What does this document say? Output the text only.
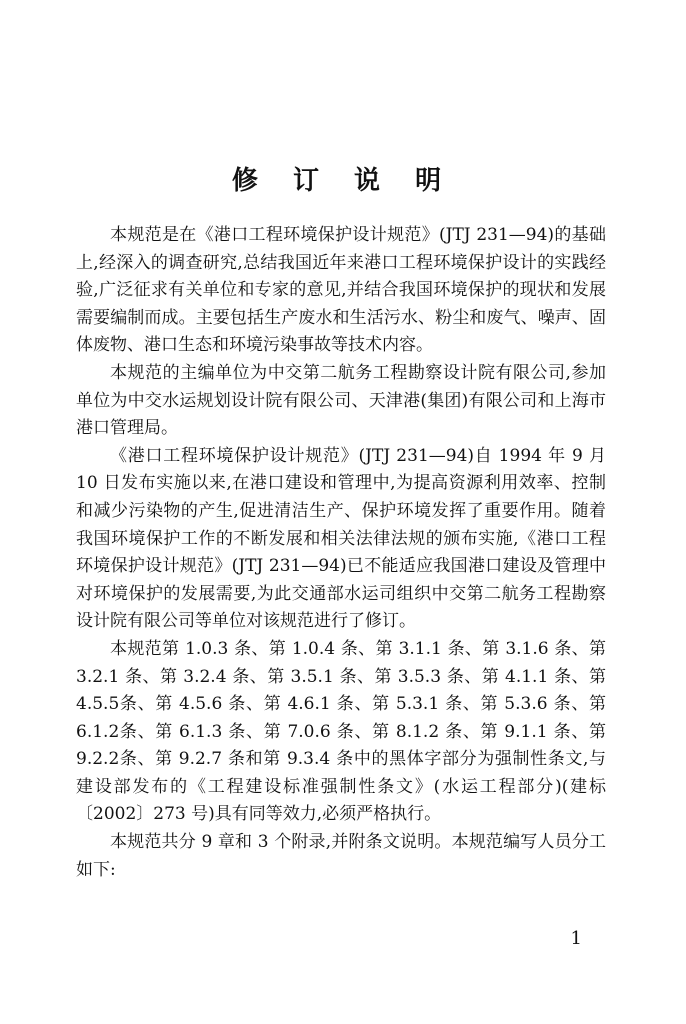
修 订 说 明

本规范是在《港口工程环境保护设计规范》(JTJ 231—94)的基础上,经深入的调查研究,总结我国近年来港口工程环境保护设计的实践经验,广泛征求有关单位和专家的意见,并结合我国环境保护的现状和发展需要编制而成。主要包括生产废水和生活污水、粉尘和废气、噪声、固体废物、港口生态和环境污染事故等技术内容。

本规范的主编单位为中交第二航务工程勘察设计院有限公司,参加单位为中交水运规划设计院有限公司、天津港(集团)有限公司和上海市港口管理局。

《港口工程环境保护设计规范》(JTJ 231—94)自 1994 年 9 月 10 日发布实施以来,在港口建设和管理中,为提高资源利用效率、控制和减少污染物的产生,促进清洁生产、保护环境发挥了重要作用。随着我国环境保护工作的不断发展和相关法律法规的颁布实施,《港口工程环境保护设计规范》(JTJ 231—94)已不能适应我国港口建设及管理中对环境保护的发展需要,为此交通部水运司组织中交第二航务工程勘察设计院有限公司等单位对该规范进行了修订。

本规范第 1.0.3 条、第 1.0.4 条、第 3.1.1 条、第 3.1.6 条、第 3.2.1 条、第 3.2.4 条、第 3.5.1 条、第 3.5.3 条、第 4.1.1 条、第 4.5.5条、第 4.5.6 条、第 4.6.1 条、第 5.3.1 条、第 5.3.6 条、第 6.1.2条、第 6.1.3 条、第 7.0.6 条、第 8.1.2 条、第 9.1.1 条、第 9.2.2条、第 9.2.7 条和第 9.3.4 条中的黑体字部分为强制性条文,与建设部发布的《工程建设标准强制性条文》(水运工程部分)(建标〔2002〕273 号)具有同等效力,必须严格执行。

本规范共分 9 章和 3 个附录,并附条文说明。本规范编写人员分工如下:

1
